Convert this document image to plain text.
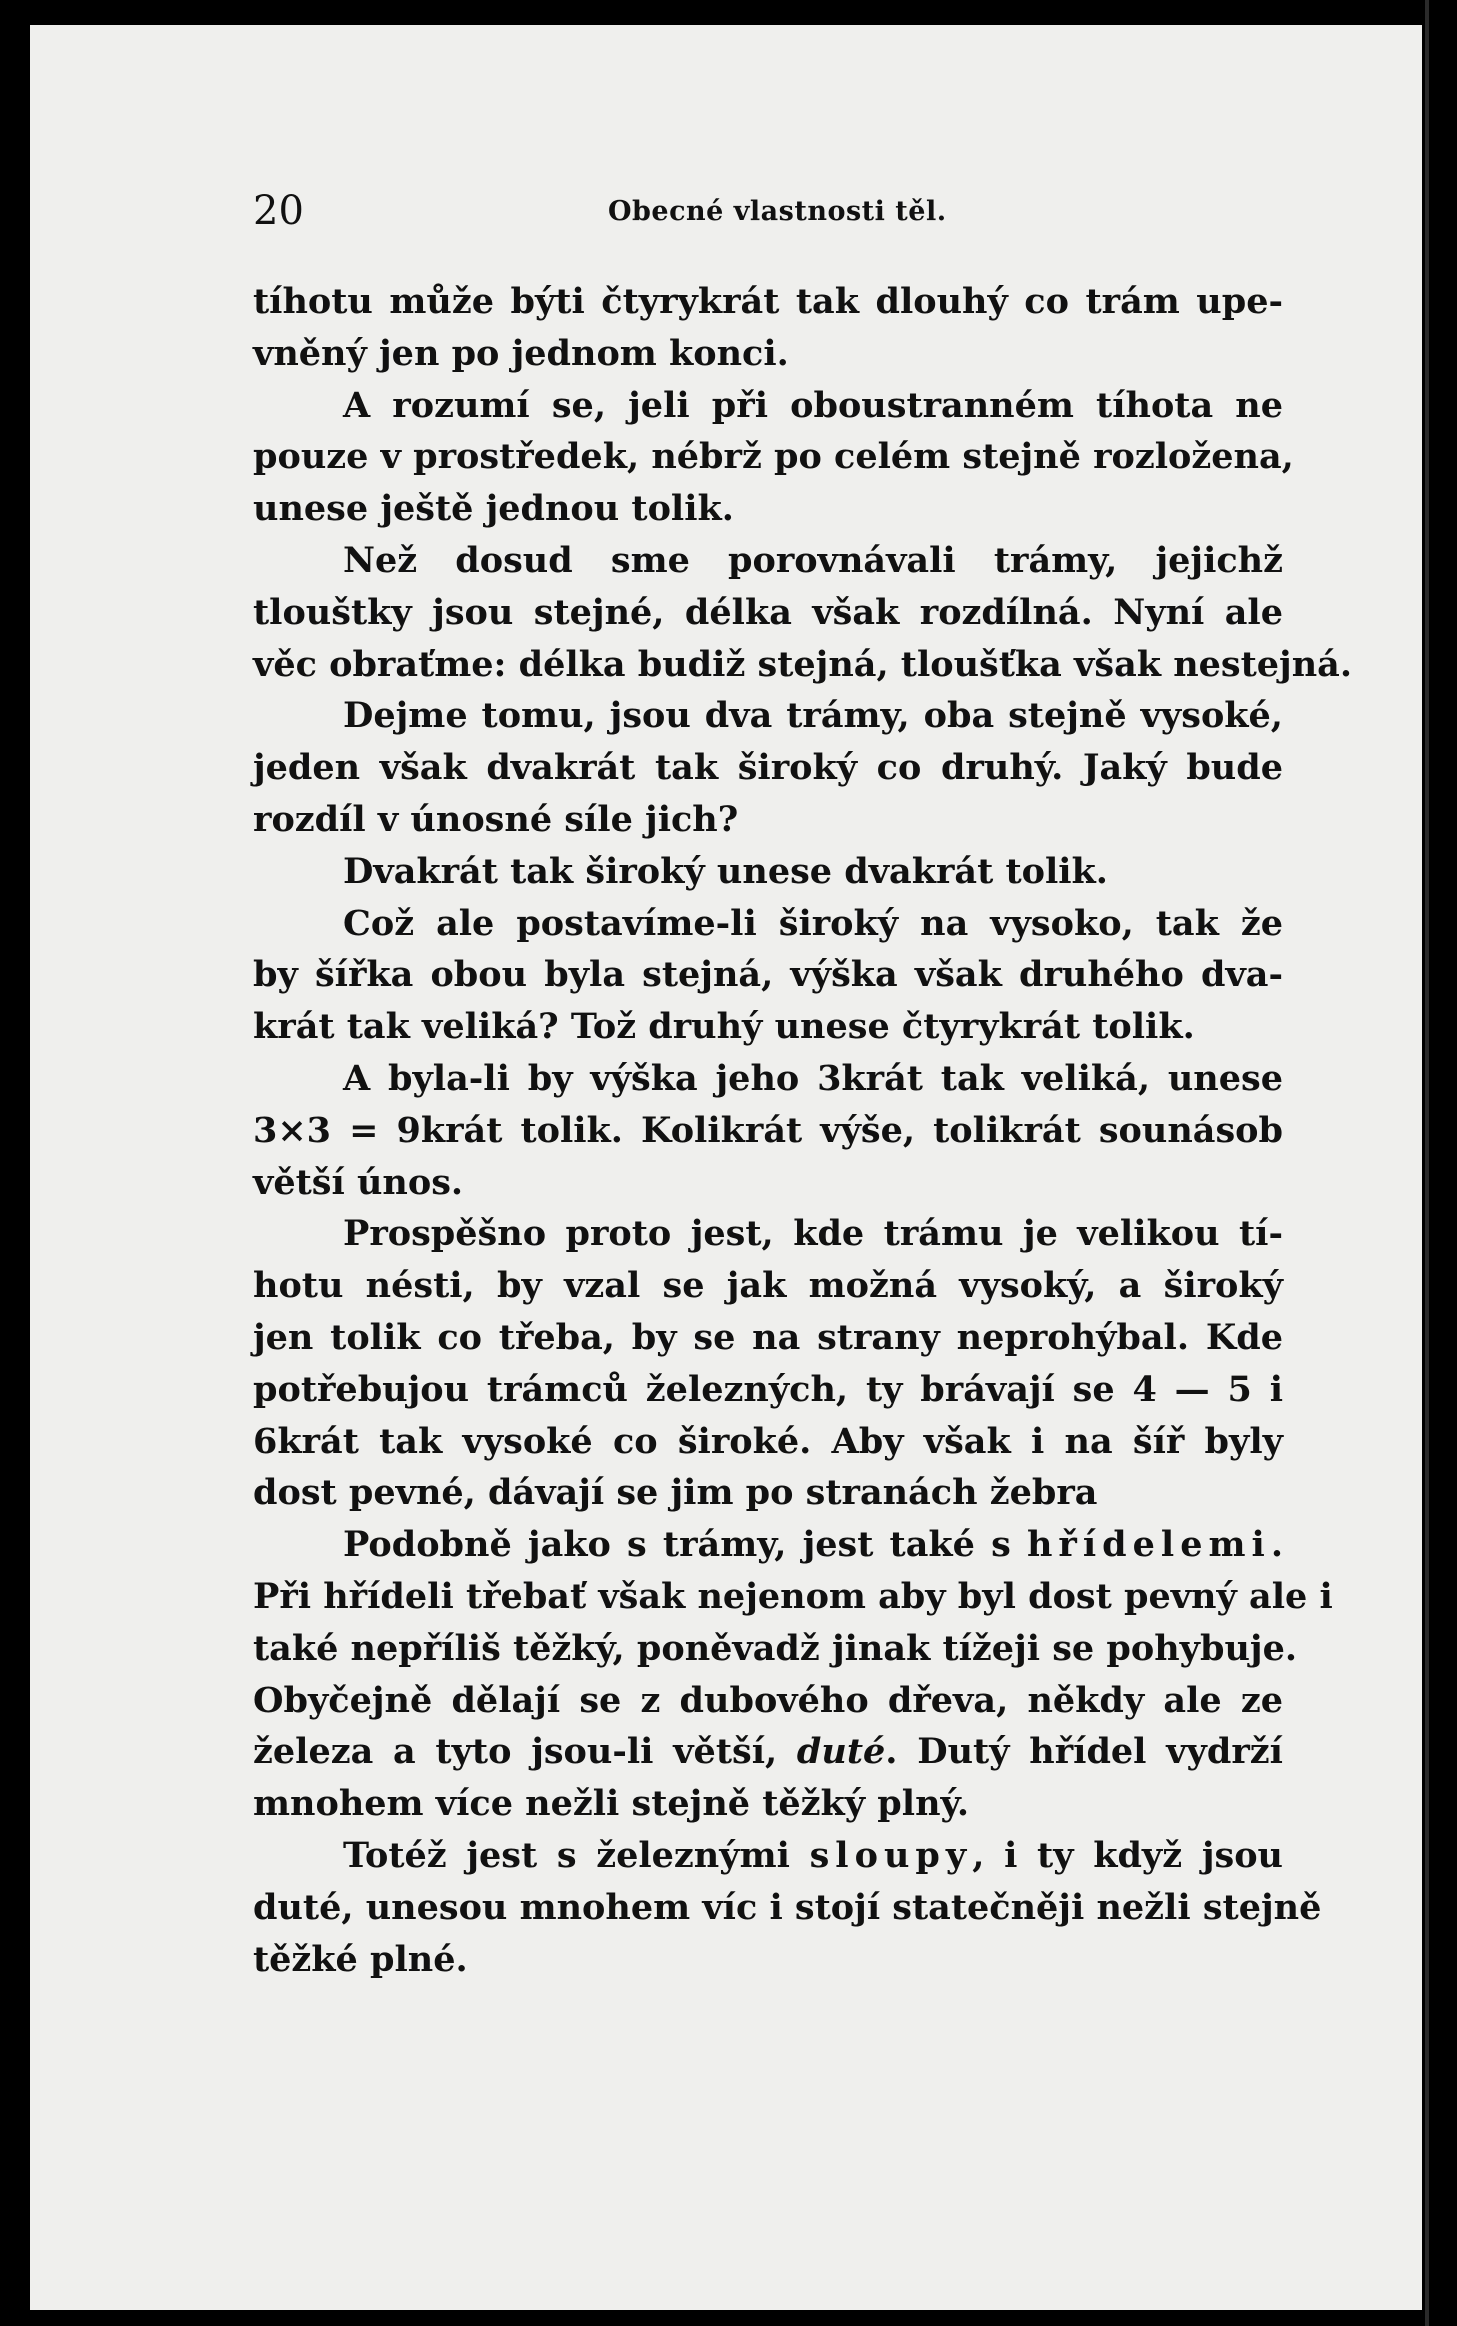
20	Obecné vlastnosti těl.
tíhotu může býti čtyrykrát tak dlouhý co trám upe-
vněný jen po jednom konci.
A rozumí se, jeli při oboustranném tíhota ne
pouze v prostředek, nébrž po celém stejně rozložena,
unese ještě jednou tolik.
Než dosud sme porovnávali trámy, jejichž
tlouštky jsou stejné, délka však rozdílná. Nyní ale
věc obraťme: délka budiž stejná, tloušťka však nestejná.
Dejme tomu, jsou dva trámy, oba stejně vysoké,
jeden však dvakrát tak široký co druhý. Jaký bude
rozdíl v únosné síle jich?
Dvakrát tak široký unese dvakrát tolik.
Což ale postavíme-li široký na vysoko, tak že
by šířka obou byla stejná, výška však druhého dva-
krát tak veliká? Tož druhý unese čtyrykrát tolik.
A byla-li by výška jeho 3krát tak veliká, unese
3×3 = 9krát tolik. Kolikrát výše, tolikrát sounásob
větší únos.
Prospěšno proto jest, kde trámu je velikou tí-
hotu nésti, by vzal se jak možná vysoký, a široký
jen tolik co třeba, by se na strany neprohýbal. Kde
potřebujou trámců železných, ty brávají se 4 — 5 i
6krát tak vysoké co široké. Aby však i na šíř byly
dost pevné, dávají se jim po stranách žebra
Podobně jako s trámy, jest také s hřídelemi.
Při hřídeli třebať však nejenom aby byl dost pevný ale i
také nepříliš těžký, poněvadž jinak tížeji se pohybuje.
Obyčejně dělají se z dubového dřeva, někdy ale ze
železa a tyto jsou-li větší, duté. Dutý hřídel vydrží
mnohem více nežli stejně těžký plný.
Totéž jest s železnými sloupy, i ty když jsou
duté, unesou mnohem víc i stojí statečněji nežli stejně
těžké plné.
